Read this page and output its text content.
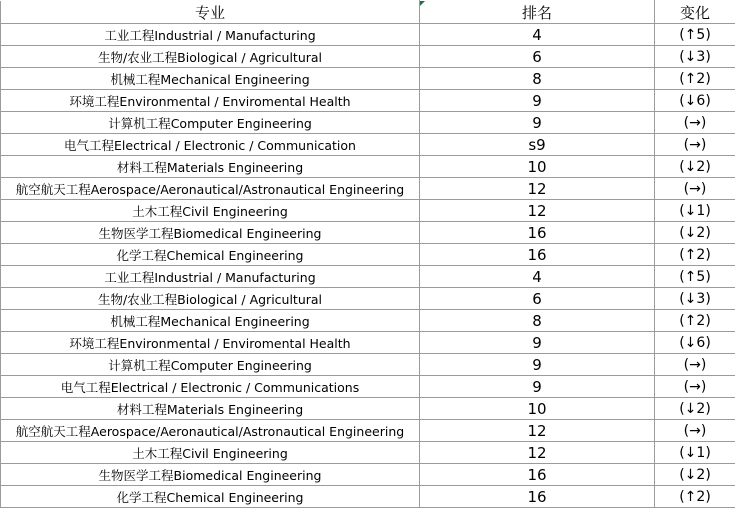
专业	排名	变化
工业工程Industrial / Manufacturing	4	(↑5)
生物/农业工程Biological / Agricultural	6	(↓3)
机械工程Mechanical Engineering	8	(↑2)
环境工程Environmental / Enviromental Health	9	(↓6)
计算机工程Computer Engineering	9	(→)
电气工程Electrical / Electronic / Communication	s9	(→)
材料工程Materials Engineering	10	(↓2)
航空航天工程Aerospace/Aeronautical/Astronautical Engineering	12	(→)
土木工程Civil Engineering	12	(↓1)
生物医学工程Biomedical Engineering	16	(↓2)
化学工程Chemical Engineering	16	(↑2)
工业工程Industrial / Manufacturing	4	(↑5)
生物/农业工程Biological / Agricultural	6	(↓3)
机械工程Mechanical Engineering	8	(↑2)
环境工程Environmental / Enviromental Health	9	(↓6)
计算机工程Computer Engineering	9	(→)
电气工程Electrical / Electronic / Communications	9	(→)
材料工程Materials Engineering	10	(↓2)
航空航天工程Aerospace/Aeronautical/Astronautical Engineering	12	(→)
土木工程Civil Engineering	12	(↓1)
生物医学工程Biomedical Engineering	16	(↓2)
化学工程Chemical Engineering	16	(↑2)
